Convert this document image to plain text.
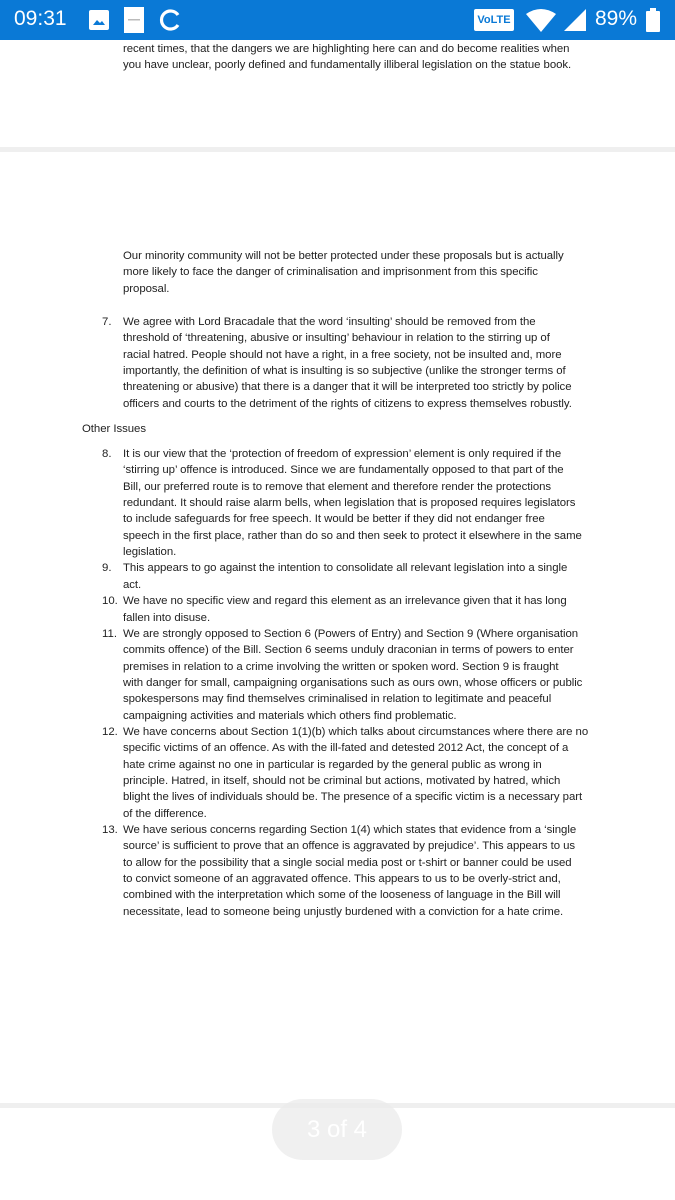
recent times, that the dangers we are highlighting here can and do become realities when
you have unclear, poorly defined and fundamentally illiberal legislation on the statue book.
Our minority community will not be better protected under these proposals but is actually
more likely to face the danger of criminalisation and imprisonment from this specific
proposal.
7. We agree with Lord Bracadale that the word ‘insulting’ should be removed from the
threshold of ‘threatening, abusive or insulting’ behaviour in relation to the stirring up of
racial hatred. People should not have a right, in a free society, not be insulted and, more
importantly, the definition of what is insulting is so subjective (unlike the stronger terms of
threatening or abusive) that there is a danger that it will be interpreted too strictly by police
officers and courts to the detriment of the rights of citizens to express themselves robustly.
Other Issues
8. It is our view that the ‘protection of freedom of expression’ element is only required if the
‘stirring up’ offence is introduced. Since we are fundamentally opposed to that part of the
Bill, our preferred route is to remove that element and therefore render the protections
redundant. It should raise alarm bells, when legislation that is proposed requires legislators
to include safeguards for free speech. It would be better if they did not endanger free
speech in the first place, rather than do so and then seek to protect it elsewhere in the same
legislation.
9. This appears to go against the intention to consolidate all relevant legislation into a single
act.
10. We have no specific view and regard this element as an irrelevance given that it has long
fallen into disuse.
11. We are strongly opposed to Section 6 (Powers of Entry) and Section 9 (Where organisation
commits offence) of the Bill. Section 6 seems unduly draconian in terms of powers to enter
premises in relation to a crime involving the written or spoken word. Section 9 is fraught
with danger for small, campaigning organisations such as ours own, whose officers or public
spokespersons may find themselves criminalised in relation to legitimate and peaceful
campaigning activities and materials which others find problematic.
12. We have concerns about Section 1(1)(b) which talks about circumstances where there are no
specific victims of an offence. As with the ill-fated and detested 2012 Act, the concept of a
hate crime against no one in particular is regarded by the general public as wrong in
principle. Hatred, in itself, should not be criminal but actions, motivated by hatred, which
blight the lives of individuals should be. The presence of a specific victim is a necessary part
of the difference.
13. We have serious concerns regarding Section 1(4) which states that evidence from a ‘single
source’ is sufficient to prove that an offence is aggravated by prejudice’. This appears to us
to allow for the possibility that a single social media post or t-shirt or banner could be used
to convict someone of an aggravated offence. This appears to us to be overly-strict and,
combined with the interpretation which some of the looseness of language in the Bill will
necessitate, lead to someone being unjustly burdened with a conviction for a hate crime.
09:31	VoLTE	89%
3 of 4
